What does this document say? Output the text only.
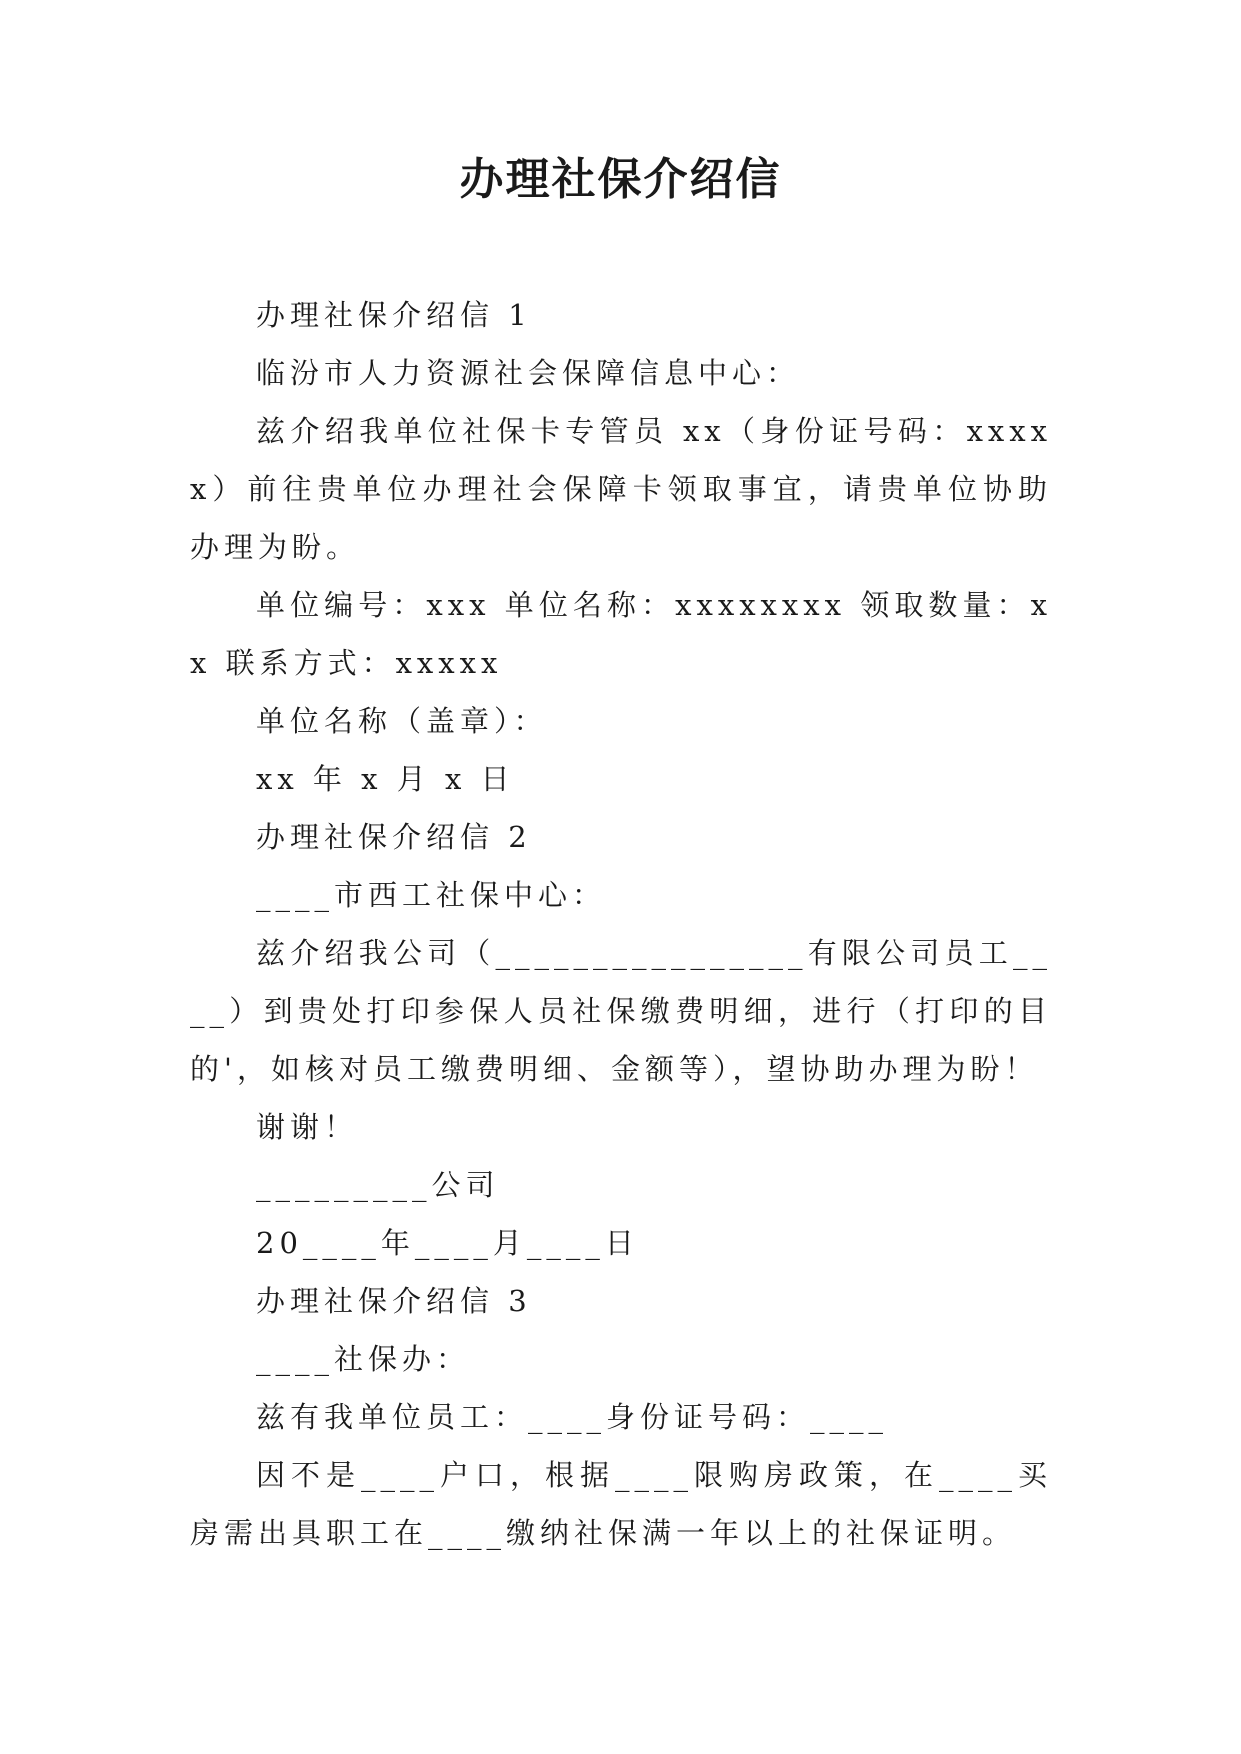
办理社保介绍信

办理社保介绍信 1

临汾市人力资源社会保障信息中心：

兹介绍我单位社保卡专管员 xx（身份证号码：xxxxx）前往贵单位办理社会保障卡领取事宜，请贵单位协助办理为盼。

单位编号：xxx 单位名称：xxxxxxxx 领取数量：xx 联系方式：xxxxx

单位名称（盖章）：

xx 年 x 月 x 日

办理社保介绍信 2

____市西工社保中心：

兹介绍我公司（________________有限公司员工____）到贵处打印参保人员社保缴费明细，进行（打印的目的'，如核对员工缴费明细、金额等），望协助办理为盼！

谢谢！

_________公司

20____年____月____日

办理社保介绍信 3

____社保办：

兹有我单位员工：____身份证号码：____

因不是____户口，根据____限购房政策，在____买房需出具职工在____缴纳社保满一年以上的社保证明。
